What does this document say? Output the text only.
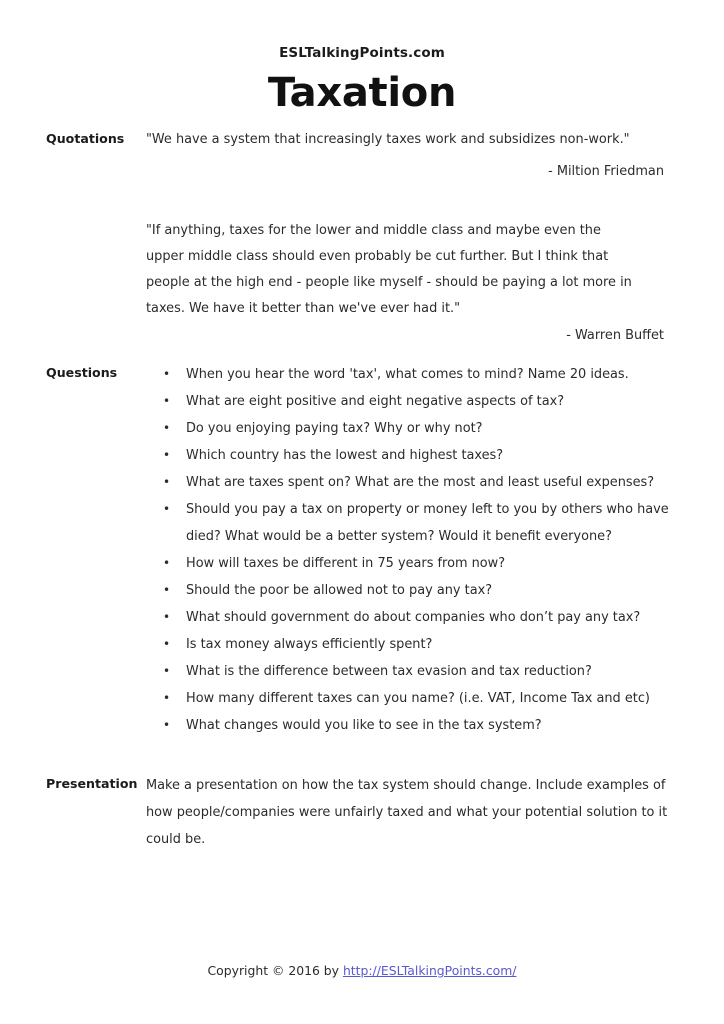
ESLTalkingPoints.com
Taxation
Quotations	"We have a system that increasingly taxes work and subsidizes non-work."
- Miltion Friedman
"If anything, taxes for the lower and middle class and maybe even the
upper middle class should even probably be cut further. But I think that
people at the high end - people like myself - should be paying a lot more in
taxes. We have it better than we've ever had it."
- Warren Buffet
Questions	• When you hear the word 'tax', what comes to mind? Name 20 ideas.
• What are eight positive and eight negative aspects of tax?
• Do you enjoying paying tax? Why or why not?
• Which country has the lowest and highest taxes?
• What are taxes spent on? What are the most and least useful expenses?
• Should you pay a tax on property or money left to you by others who have died? What would be a better system? Would it benefit everyone?
• How will taxes be different in 75 years from now?
• Should the poor be allowed not to pay any tax?
• What should government do about companies who don’t pay any tax?
• Is tax money always efficiently spent?
• What is the difference between tax evasion and tax reduction?
• How many different taxes can you name? (i.e. VAT, Income Tax and etc)
• What changes would you like to see in the tax system?
Presentation Make a presentation on how the tax system should change. Include examples of how people/companies were unfairly taxed and what your potential solution to it could be.
Copyright © 2016 by http://ESLTalkingPoints.com/
